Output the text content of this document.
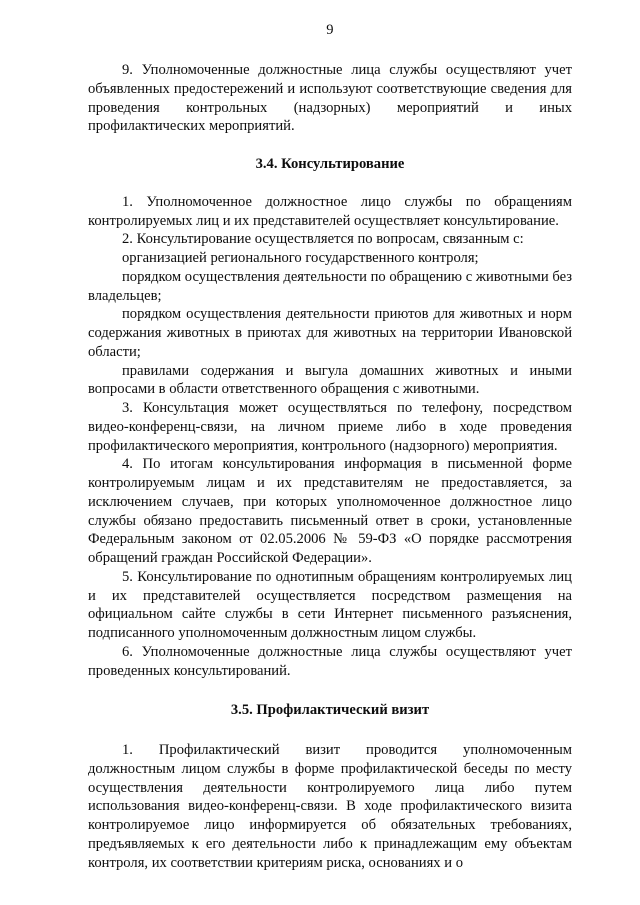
9

9. Уполномоченные должностные лица службы осуществляют учет объявленных предостережений и используют соответствующие сведения для проведения контрольных (надзорных) мероприятий и иных профилактических мероприятий.

3.4. Консультирование

1. Уполномоченное должностное лицо службы по обращениям контролируемых лиц и их представителей осуществляет консультирование.

2. Консультирование осуществляется по вопросам, связанным с:

организацией регионального государственного контроля;

порядком осуществления деятельности по обращению с животными без владельцев;

порядком осуществления деятельности приютов для животных и норм содержания животных в приютах для животных на территории Ивановской области;

правилами содержания и выгула домашних животных и иными вопросами в области ответственного обращения с животными.

3. Консультация может осуществляться по телефону, посредством видео-конференц-связи, на личном приеме либо в ходе проведения профилактического мероприятия, контрольного (надзорного) мероприятия.

4. По итогам консультирования информация в письменной форме контролируемым лицам и их представителям не предоставляется, за исключением случаев, при которых уполномоченное должностное лицо службы обязано предоставить письменный ответ в сроки, установленные Федеральным законом от 02.05.2006 № 59-ФЗ «О порядке рассмотрения обращений граждан Российской Федерации».

5. Консультирование по однотипным обращениям контролируемых лиц и их представителей осуществляется посредством размещения на официальном сайте службы в сети Интернет письменного разъяснения, подписанного уполномоченным должностным лицом службы.

6. Уполномоченные должностные лица службы осуществляют учет проведенных консультирований.

3.5. Профилактический визит

1. Профилактический визит проводится уполномоченным должностным лицом службы в форме профилактической беседы по месту осуществления деятельности контролируемого лица либо путем использования видео-конференц-связи. В ходе профилактического визита контролируемое лицо информируется об обязательных требованиях, предъявляемых к его деятельности либо к принадлежащим ему объектам контроля, их соответствии критериям риска, основаниях и о
